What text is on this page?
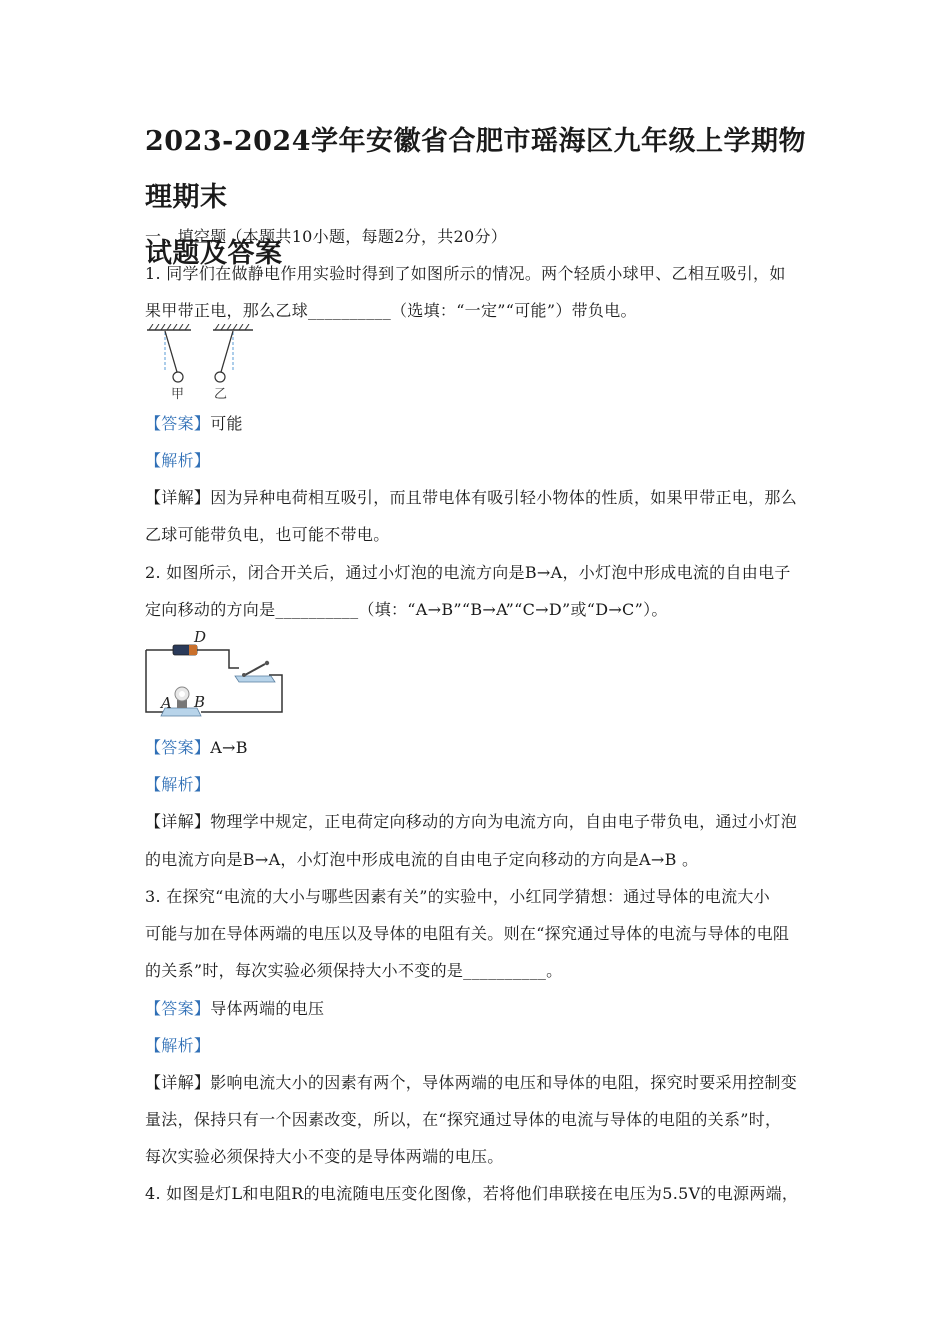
2023-2024学年安徽省合肥市瑶海区九年级上学期物理期末
试题及答案
一、填空题（本题共10小题，每题2分，共20分）
1. 同学们在做静电作用实验时得到了如图所示的情况。两个轻质小球甲、乙相互吸引，如
果甲带正电，那么乙球__________（选填：“一定”“可能”）带负电。
甲 乙
【答案】可能
【解析】
【详解】因为异种电荷相互吸引，而且带电体有吸引轻小物体的性质，如果甲带正电，那么
乙球可能带负电，也可能不带电。
2. 如图所示，闭合开关后，通过小灯泡的电流方向是B→A，小灯泡中形成电流的自由电子
定向移动的方向是__________（填：“A→B”“B→A”“C→D”或“D→C”）。
D
A B
【答案】A→B
【解析】
【详解】物理学中规定，正电荷定向移动的方向为电流方向，自由电子带负电，通过小灯泡
的电流方向是B→A，小灯泡中形成电流的自由电子定向移动的方向是A→B 。
3. 在探究“电流的大小与哪些因素有关”的实验中，小红同学猜想：通过导体的电流大小
可能与加在导体两端的电压以及导体的电阻有关。则在“探究通过导体的电流与导体的电阻
的关系”时，每次实验必须保持大小不变的是__________。
【答案】导体两端的电压
【解析】
【详解】影响电流大小的因素有两个，导体两端的电压和导体的电阻，探究时要采用控制变
量法，保持只有一个因素改变，所以，在“探究通过导体的电流与导体的电阻的关系”时，
每次实验必须保持大小不变的是导体两端的电压。
4. 如图是灯L和电阻R的电流随电压变化图像，若将他们串联接在电压为5.5V的电源两端，
